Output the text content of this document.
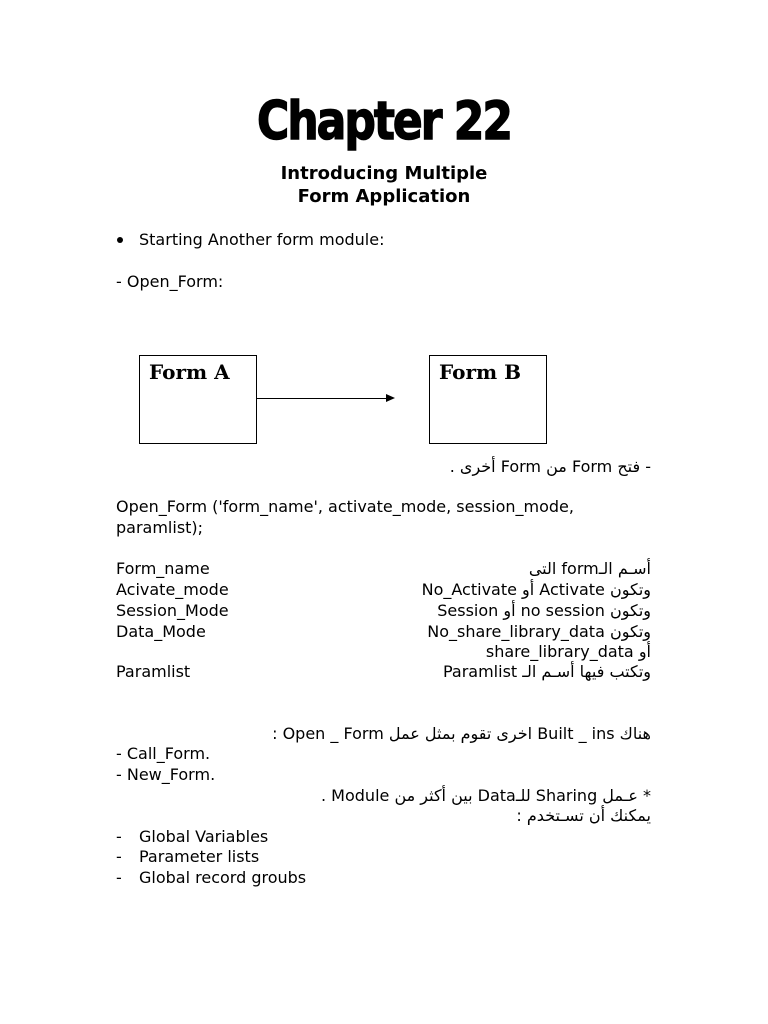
Chapter 22
Introducing Multiple
Form Application
Starting Another form module:
- Open_Form:
Form A	Form B
- فتح Form من Form أخرى .
Open_Form ('form_name', activate_mode, session_mode,
paramlist);
Form_name	أسـم الـform التى
Acivate_mode	وتكون Activate أو No_Activate
Session_Mode	وتكون no session أو Session
Data_Mode	وتكون No_share_library_data
أو share_library_data
Paramlist	وتكتب فيها أسـم الـ Paramlist
هناك Built _ ins اخرى تقوم بمثل عمل Open _ Form :
- Call_Form.
- New_Form.
* عـمل Sharing للـData بين أكثر من Module .
يمكنك أن تسـتخدم :
- Global Variables
- Parameter lists
- Global record groubs
